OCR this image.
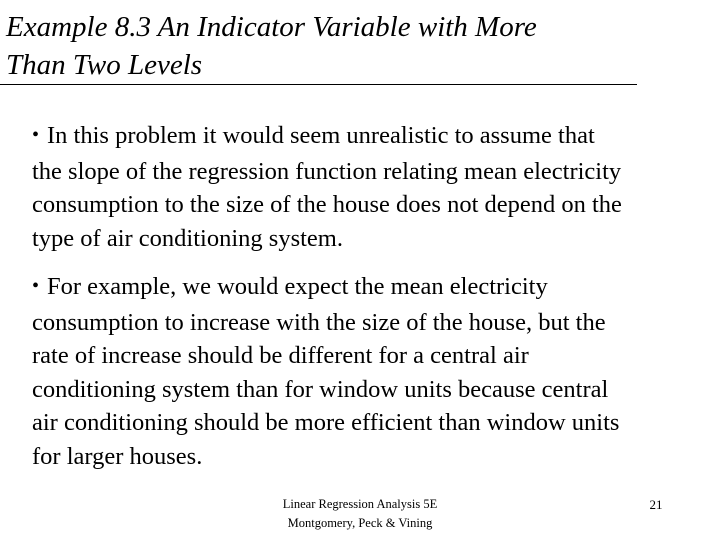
Example 8.3 An Indicator Variable with More
Than Two Levels

• In this problem it would seem unrealistic to assume that
the slope of the regression function relating mean electricity
consumption to the size of the house does not depend on the
type of air conditioning system.

• For example, we would expect the mean electricity
consumption to increase with the size of the house, but the
rate of increase should be different for a central air
conditioning system than for window units because central
air conditioning should be more efficient than window units
for larger houses.

Linear Regression Analysis 5E
Montgomery, Peck & Vining
21
